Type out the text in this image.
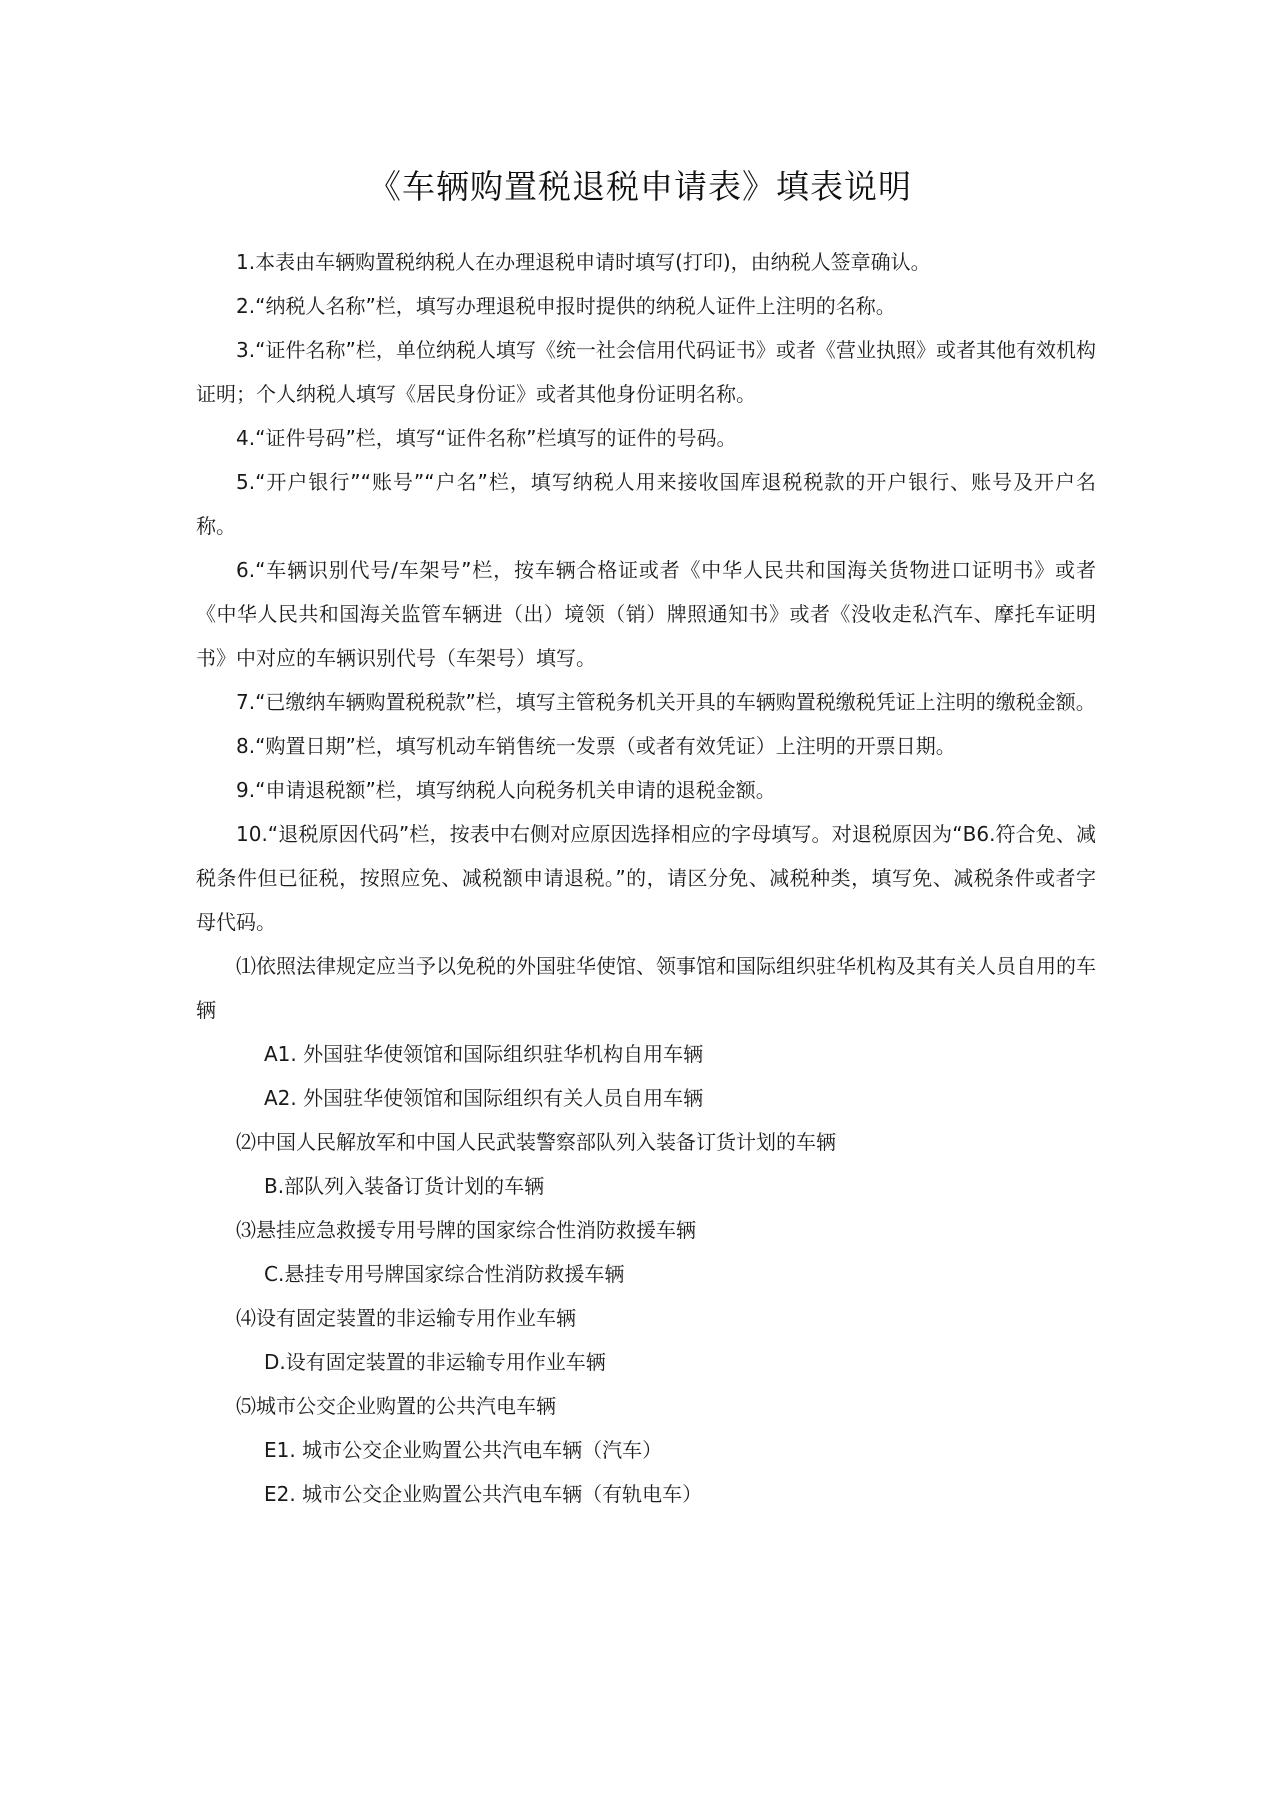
《车辆购置税退税申请表》填表说明

1.本表由车辆购置税纳税人在办理退税申请时填写(打印)，由纳税人签章确认。

2.“纳税人名称”栏，填写办理退税申报时提供的纳税人证件上注明的名称。

3.“证件名称”栏，单位纳税人填写《统一社会信用代码证书》或者《营业执照》或者其他有效机构证明；个人纳税人填写《居民身份证》或者其他身份证明名称。

4.“证件号码”栏，填写“证件名称”栏填写的证件的号码。

5.“开户银行”“账号”“户名”栏，填写纳税人用来接收国库退税税款的开户银行、账号及开户名称。

6.“车辆识别代号/车架号”栏，按车辆合格证或者《中华人民共和国海关货物进口证明书》或者《中华人民共和国海关监管车辆进（出）境领（销）牌照通知书》或者《没收走私汽车、摩托车证明书》中对应的车辆识别代号（车架号）填写。

7.“已缴纳车辆购置税税款”栏，填写主管税务机关开具的车辆购置税缴税凭证上注明的缴税金额。

8.“购置日期”栏，填写机动车销售统一发票（或者有效凭证）上注明的开票日期。

9.“申请退税额”栏，填写纳税人向税务机关申请的退税金额。

10.“退税原因代码”栏，按表中右侧对应原因选择相应的字母填写。对退税原因为“B6.符合免、减税条件但已征税，按照应免、减税额申请退税。”的，请区分免、减税种类，填写免、减税条件或者字母代码。

⑴依照法律规定应当予以免税的外国驻华使馆、领事馆和国际组织驻华机构及其有关人员自用的车辆

A1. 外国驻华使领馆和国际组织驻华机构自用车辆

A2. 外国驻华使领馆和国际组织有关人员自用车辆

⑵中国人民解放军和中国人民武装警察部队列入装备订货计划的车辆

B.部队列入装备订货计划的车辆

⑶悬挂应急救援专用号牌的国家综合性消防救援车辆

C.悬挂专用号牌国家综合性消防救援车辆

⑷设有固定装置的非运输专用作业车辆

D.设有固定装置的非运输专用作业车辆

⑸城市公交企业购置的公共汽电车辆

E1. 城市公交企业购置公共汽电车辆（汽车）

E2. 城市公交企业购置公共汽电车辆（有轨电车）
